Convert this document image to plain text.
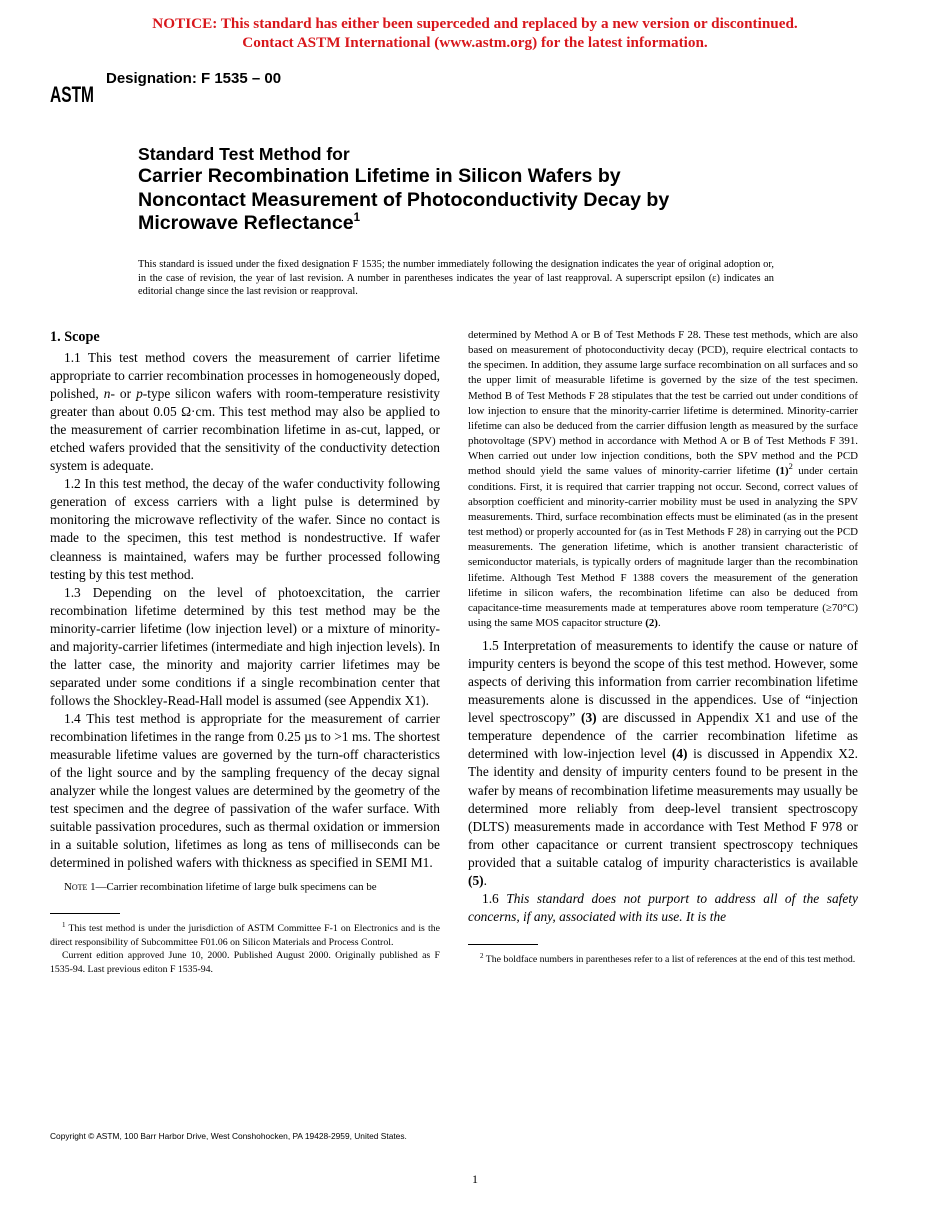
NOTICE: This standard has either been superceded and replaced by a new version or discontinued.
Contact ASTM International (www.astm.org) for the latest information.
ASTM
Designation: F 1535 – 00
Standard Test Method for
Carrier Recombination Lifetime in Silicon Wafers by
Noncontact Measurement of Photoconductivity Decay by
Microwave Reflectance$^1$
This standard is issued under the fixed designation F 1535; the number immediately following the designation indicates the year of original adoption or, in the case of revision, the year of last revision. A number in parentheses indicates the year of last reapproval. A superscript epsilon (ε) indicates an editorial change since the last revision or reapproval.
1. Scope

1.1 This test method covers the measurement of carrier lifetime appropriate to carrier recombination processes in homogeneously doped, polished, n- or p-type silicon wafers with room-temperature resistivity greater than about 0.05 Ω·cm. This test method may also be applied to the measurement of carrier recombination lifetime in as-cut, lapped, or etched wafers provided that the sensitivity of the conductivity detection system is adequate.

1.2 In this test method, the decay of the wafer conductivity following generation of excess carriers with a light pulse is determined by monitoring the microwave reflectivity of the wafer. Since no contact is made to the specimen, this test method is nondestructive. If wafer cleanness is maintained, wafers may be further processed following testing by this test method.

1.3 Depending on the level of photoexcitation, the carrier recombination lifetime determined by this test method may be the minority-carrier lifetime (low injection level) or a mixture of minority- and majority-carrier lifetimes (intermediate and high injection levels). In the latter case, the minority and majority carrier lifetimes may be separated under some conditions if a single recombination center that follows the Shockley-Read-Hall model is assumed (see Appendix X1).

1.4 This test method is appropriate for the measurement of carrier recombination lifetimes in the range from 0.25 µs to >1 ms. The shortest measurable lifetime values are governed by the turn-off characteristics of the light source and by the sampling frequency of the decay signal analyzer while the longest values are determined by the geometry of the test specimen and the degree of passivation of the wafer surface. With suitable passivation procedures, such as thermal oxidation or immersion in a suitable solution, lifetimes as long as tens of milliseconds can be determined in polished wafers with thickness as specified in SEMI M1.

Note 1—Carrier recombination lifetime of large bulk specimens can be

$^1$ This test method is under the jurisdiction of ASTM Committee F-1 on Electronics and is the direct responsibility of Subcommittee F01.06 on Silicon Materials and Process Control.

Current edition approved June 10, 2000. Published August 2000. Originally published as F 1535-94. Last previous editon F 1535-94.

determined by Method A or B of Test Methods F 28. These test methods, which are also based on measurement of photoconductivity decay (PCD), require electrical contacts to the specimen. In addition, they assume large surface recombination on all surfaces and so the upper limit of measurable lifetime is governed by the size of the test specimen. Method B of Test Methods F 28 stipulates that the test be carried out under conditions of low injection to ensure that the minority-carrier lifetime is determined. Minority-carrier lifetime can also be deduced from the carrier diffusion length as measured by the surface photovoltage (SPV) method in accordance with Method A or B of Test Methods F 391. When carried out under low injection conditions, both the SPV method and the PCD method should yield the same values of minority-carrier lifetime (1)$^2$ under certain conditions. First, it is required that carrier trapping not occur. Second, correct values of absorption coefficient and minority-carrier mobility must be used in analyzing the SPV measurements. Third, surface recombination effects must be eliminated (as in the present test method) or properly accounted for (as in Test Methods F 28) in carrying out the PCD measurements. The generation lifetime, which is another transient characteristic of semiconductor materials, is typically orders of magnitude larger than the recombination lifetime. Although Test Method F 1388 covers the measurement of the generation lifetime in silicon wafers, the recombination lifetime can also be deduced from capacitance-time measurements made at temperatures above room temperature (≥70°C) using the same MOS capacitor structure (2).

1.5 Interpretation of measurements to identify the cause or nature of impurity centers is beyond the scope of this test method. However, some aspects of deriving this information from carrier recombination lifetime measurements alone is discussed in the appendices. Use of “injection level spectroscopy” (3) are discussed in Appendix X1 and use of the temperature dependence of the carrier recombination lifetime as determined with low-injection level (4) is discussed in Appendix X2. The identity and density of impurity centers found to be present in the wafer by means of recombination lifetime measurements may usually be determined more reliably from deep-level transient spectroscopy (DLTS) measurements made in accordance with Test Method F 978 or from other capacitance or current transient spectroscopy techniques provided that a suitable catalog of impurity characteristics is available (5).

1.6 This standard does not purport to address all of the safety concerns, if any, associated with its use. It is the

$^2$ The boldface numbers in parentheses refer to a list of references at the end of this test method.

Copyright © ASTM, 100 Barr Harbor Drive, West Conshohocken, PA 19428-2959, United States.
1
